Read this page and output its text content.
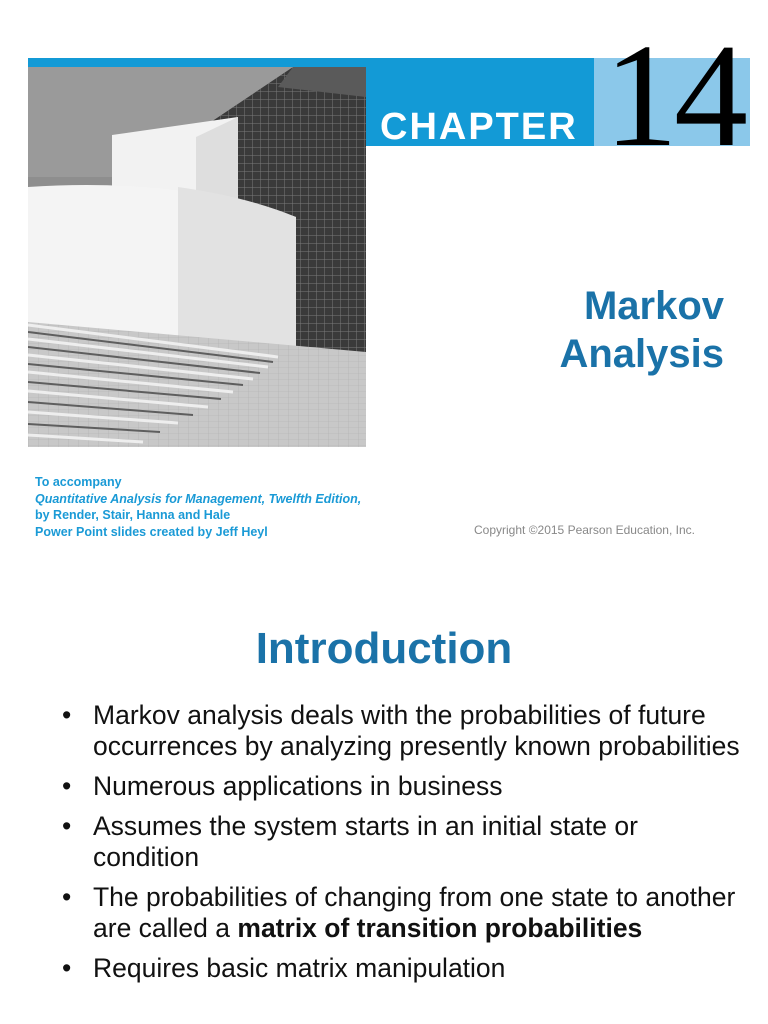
CHAPTER 14
Markov
Analysis
To accompany
Quantitative Analysis for Management, Twelfth Edition,
by Render, Stair, Hanna and Hale
Power Point slides created by Jeff Heyl	Copyright ©2015 Pearson Education, Inc.
Introduction
• Markov analysis deals with the probabilities of future occurrences by analyzing presently known probabilities
• Numerous applications in business
• Assumes the system starts in an initial state or condition
• The probabilities of changing from one state to another are called a matrix of transition probabilities
• Requires basic matrix manipulation
